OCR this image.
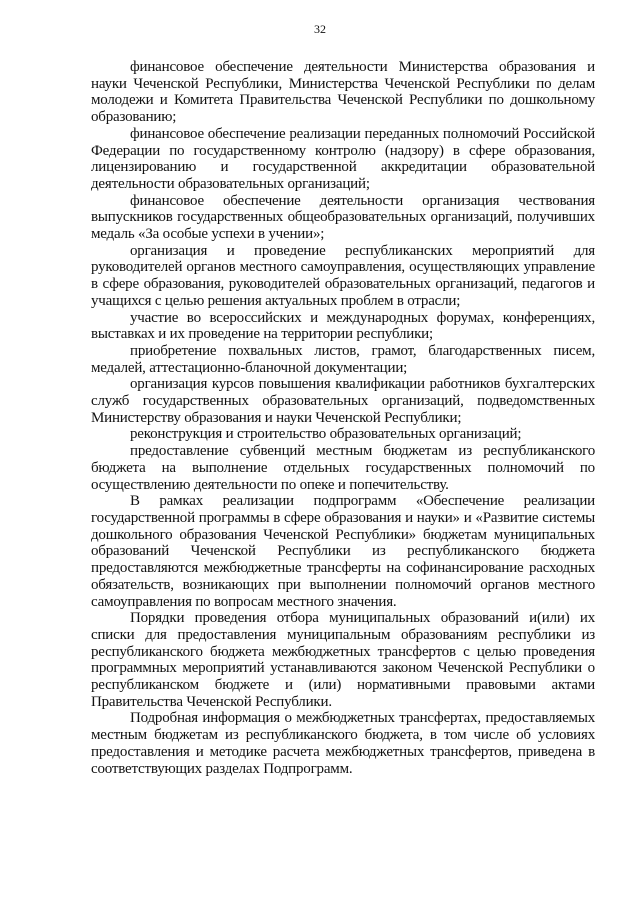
32

финансовое обеспечение деятельности Министерства образования и науки Чеченской Республики, Министерства Чеченской Республики по делам молодежи и Комитета Правительства Чеченской Республики по дошкольному образованию;

финансовое обеспечение реализации переданных полномочий Российской Федерации по государственному контролю (надзору) в сфере образования, лицензированию и государственной аккредитации образовательной деятельности образовательных организаций;

финансовое обеспечение деятельности организация чествования выпускников государственных общеобразовательных организаций, получивших медаль «За особые успехи в учении»;

организация и проведение республиканских мероприятий для руководителей органов местного самоуправления, осуществляющих управление в сфере образования, руководителей образовательных организаций, педагогов и учащихся с целью решения актуальных проблем в отрасли;

участие во всероссийских и международных форумах, конференциях, выставках и их проведение на территории республики;

приобретение похвальных листов, грамот, благодарственных писем, медалей, аттестационно-бланочной документации;

организация курсов повышения квалификации работников бухгалтерских служб государственных образовательных организаций, подведомственных Министерству образования и науки Чеченской Республики;

реконструкция и строительство образовательных организаций;

предоставление субвенций местным бюджетам из республиканского бюджета на выполнение отдельных государственных полномочий по осуществлению деятельности по опеке и попечительству.

В рамках реализации подпрограмм «Обеспечение реализации государственной программы в сфере образования и науки» и «Развитие системы дошкольного образования Чеченской Республики» бюджетам муниципальных образований Чеченской Республики из республиканского бюджета предоставляются межбюджетные трансферты на софинансирование расходных обязательств, возникающих при выполнении полномочий органов местного самоуправления по вопросам местного значения.

Порядки проведения отбора муниципальных образований и(или) их списки для предоставления муниципальным образованиям республики из республиканского бюджета межбюджетных трансфертов с целью проведения программных мероприятий устанавливаются законом Чеченской Республики о республиканском бюджете и (или) нормативными правовыми актами Правительства Чеченской Республики.

Подробная информация о межбюджетных трансфертах, предоставляемых местным бюджетам из республиканского бюджета, в том числе об условиях предоставления и методике расчета межбюджетных трансфертов, приведена в соответствующих разделах Подпрограмм.
